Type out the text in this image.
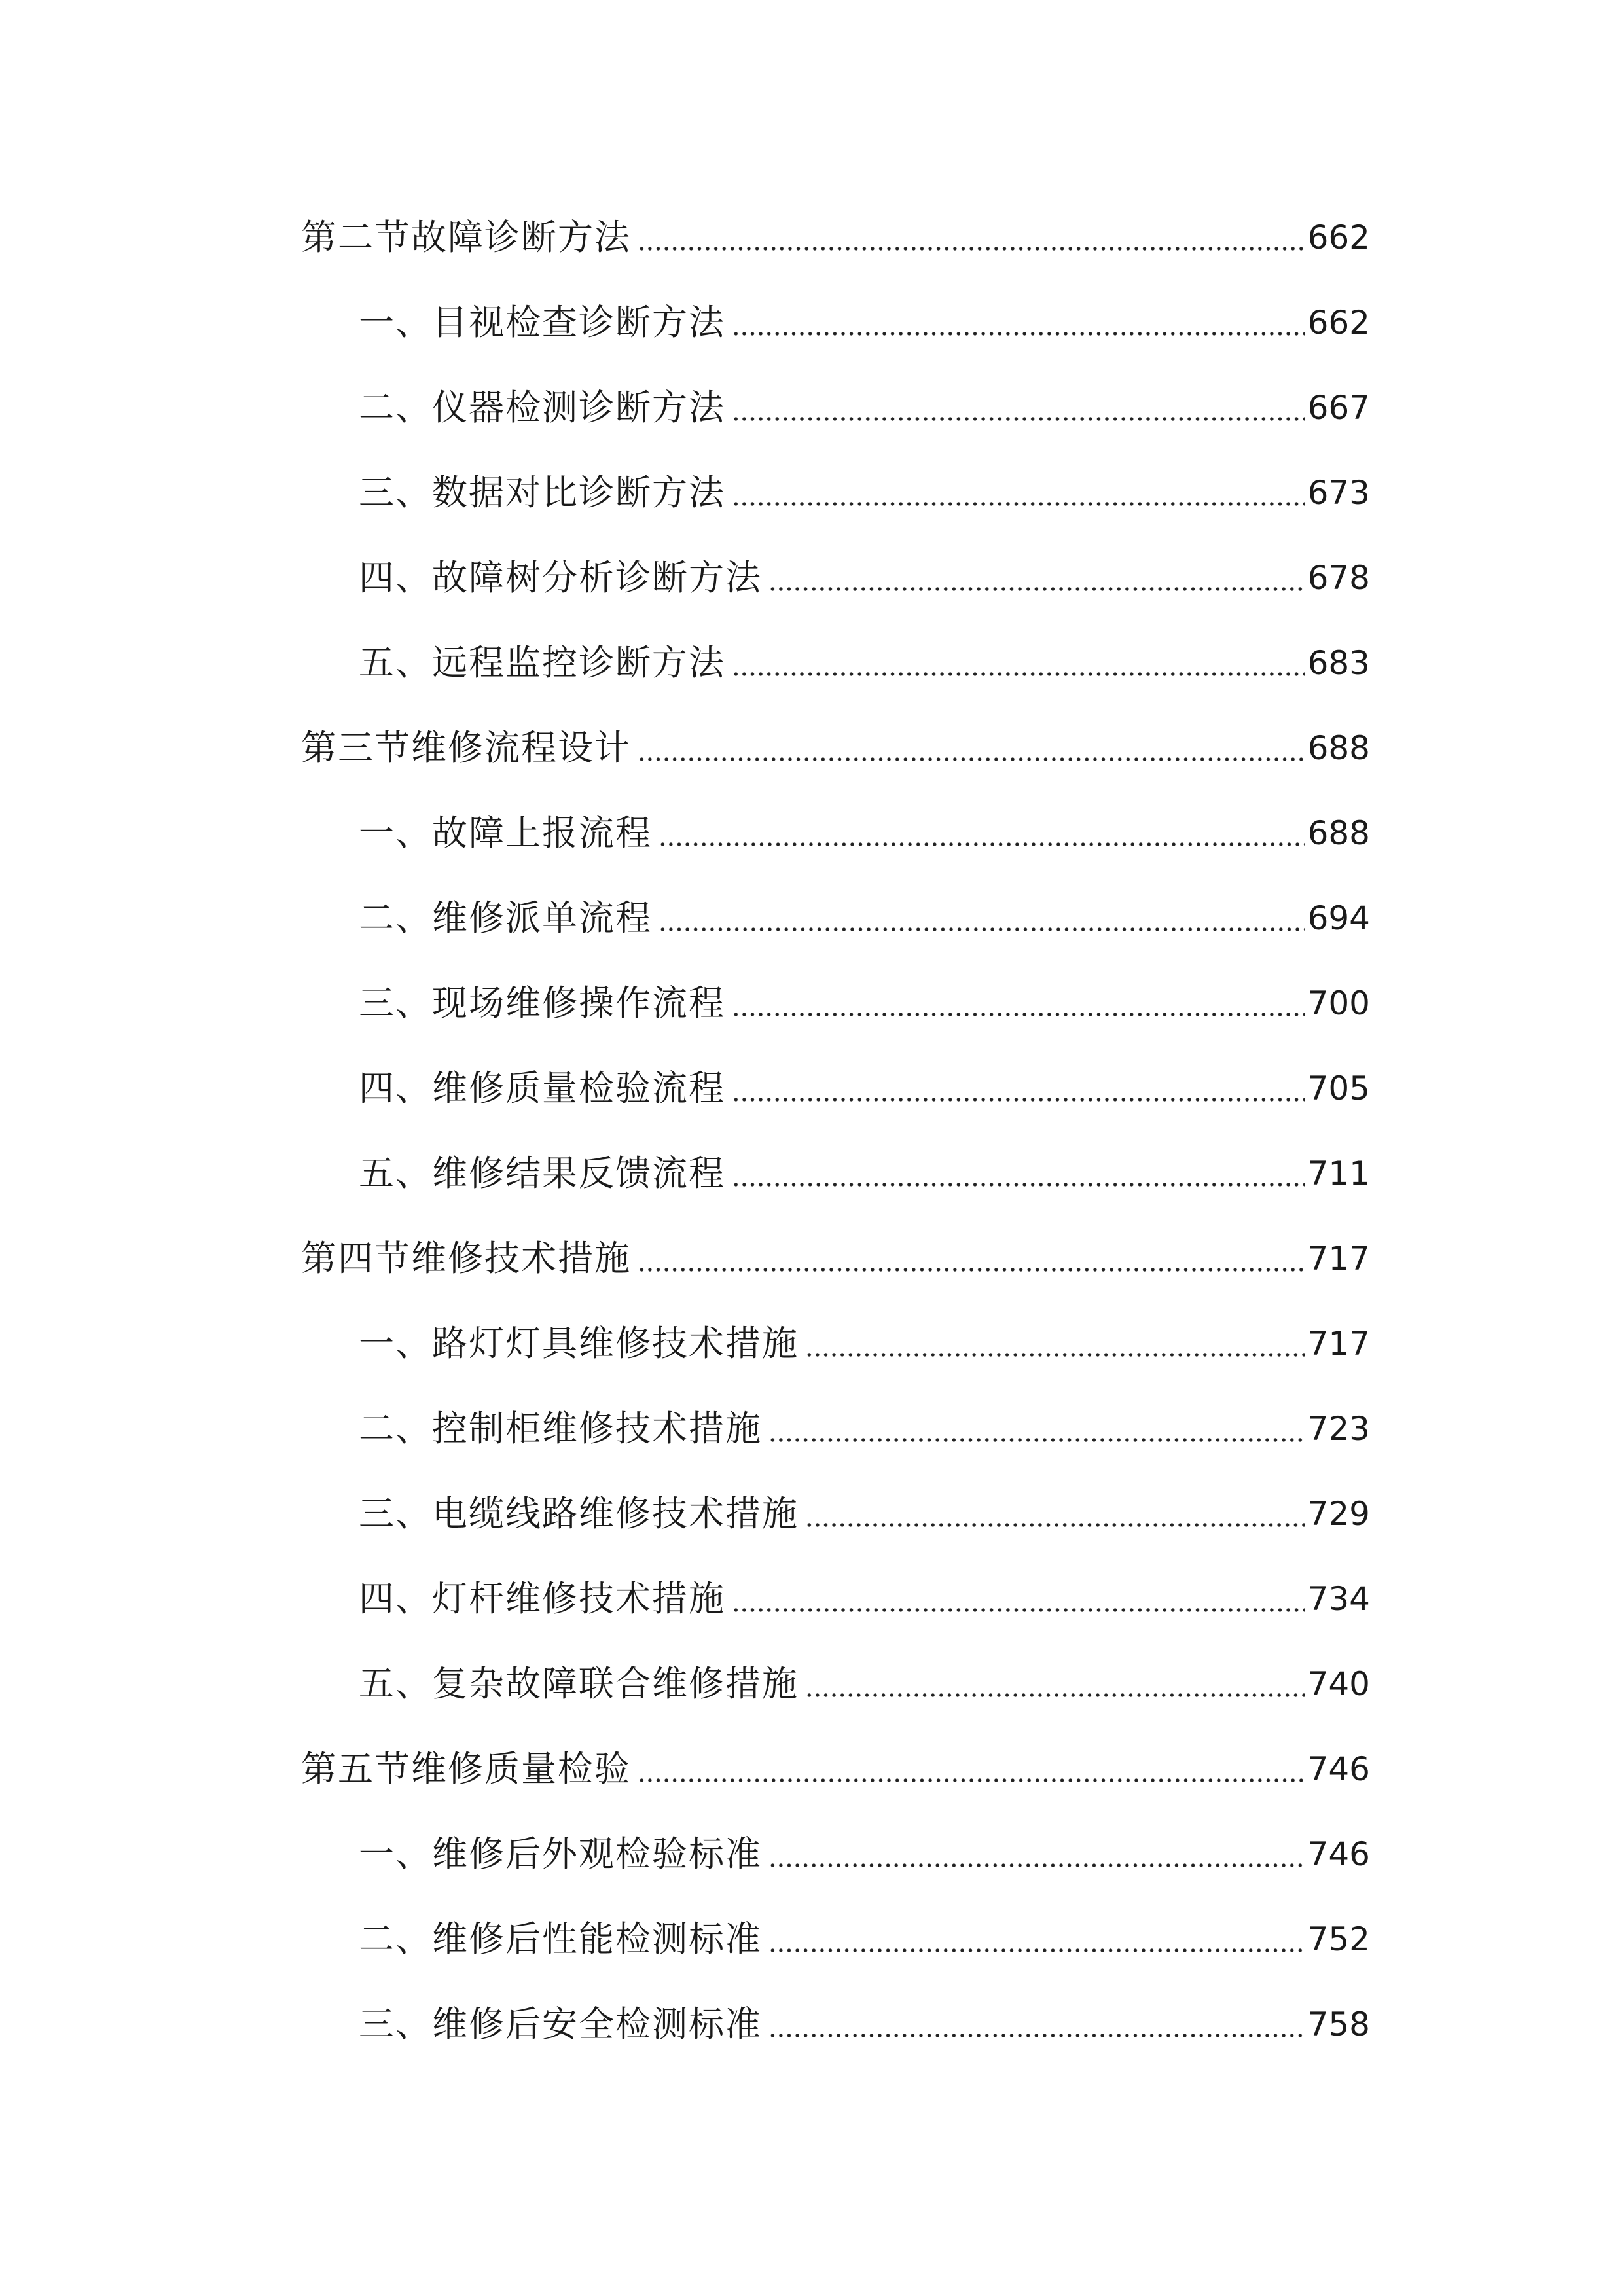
第二节故障诊断方法	662
一、目视检查诊断方法	662
二、仪器检测诊断方法	667
三、数据对比诊断方法	673
四、故障树分析诊断方法	678
五、远程监控诊断方法	683
第三节维修流程设计	688
一、故障上报流程	688
二、维修派单流程	694
三、现场维修操作流程	700
四、维修质量检验流程	705
五、维修结果反馈流程	711
第四节维修技术措施	717
一、路灯灯具维修技术措施	717
二、控制柜维修技术措施	723
三、电缆线路维修技术措施	729
四、灯杆维修技术措施	734
五、复杂故障联合维修措施	740
第五节维修质量检验	746
一、维修后外观检验标准	746
二、维修后性能检测标准	752
三、维修后安全检测标准	758
